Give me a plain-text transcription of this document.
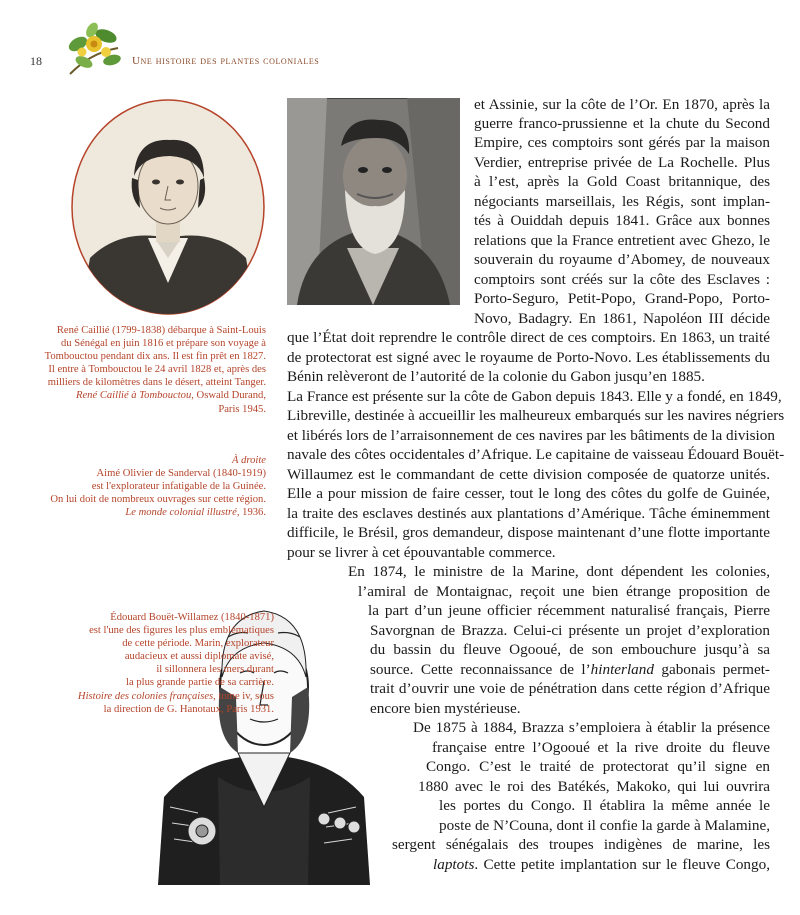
18	Une histoire des plantes coloniales

René Caillié (1799-1838) débarque à Saint-Louis

du Sénégal en juin 1816 et prépare son voyage à

Tombouctou pendant dix ans. Il est fin prêt en 1827.

Il entre à Tombouctou le 24 avril 1828 et, après des

milliers de kilomètres dans le désert, atteint Tanger.

René Caillié à Tombouctou, Oswald Durand,

Paris 1945.

À droite

Aimé Olivier de Sanderval (1840-1919)

est l'explorateur infatigable de la Guinée.

On lui doit de nombreux ouvrages sur cette région.

Le monde colonial illustré, 1936.

Édouard Bouët-Willamez (1840-1871)

est l'une des figures les plus emblématiques

de cette période. Marin, explorateur

audacieux et aussi diplomate avisé,

il sillonnera les mers durant

la plus grande partie de sa carrière.

Histoire des colonies françaises, tome iv, sous

la direction de G. Hanotaux, Paris 1931.

et Assinie, sur la côte de l’Or. En 1870, après la
guerre franco-prussienne et la chute du Second
Empire, ces comptoirs sont gérés par la maison
Verdier, entreprise privée de La Rochelle. Plus
à l’est, après la Gold Coast britannique, des
négociants marseillais, les Régis, sont implan-
tés à Ouiddah depuis 1841. Grâce aux bonnes
relations que la France entretient avec Ghezo, le
souverain du royaume d’Abomey, de nouveaux
comptoirs sont créés sur la côte des Esclaves :
Porto-Seguro, Petit-Popo, Grand-Popo, Porto-
Novo, Badagry. En 1861, Napoléon III décide
que l’État doit reprendre le contrôle direct de ces comptoirs. En 1863, un traité
de protectorat est signé avec le royaume de Porto-Novo. Les établissements du
Bénin relèveront de l’autorité de la colonie du Gabon jusqu’en 1885.
La France est présente sur la côte de Gabon depuis 1843. Elle y a fondé, en 1849,
Libreville, destinée à accueillir les malheureux embarqués sur les navires négriers
et libérés lors de l’arraisonnement de ces navires par les bâtiments de la division
navale des côtes occidentales d’Afrique. Le capitaine de vaisseau Édouard Bouët-
Willaumez est le commandant de cette division composée de quatorze unités.
Elle a pour mission de faire cesser, tout le long des côtes du golfe de Guinée,
la traite des esclaves destinés aux plantations d’Amérique. Tâche éminemment
difficile, le Brésil, gros demandeur, dispose maintenant d’une flotte importante
pour se livrer à cet épouvantable commerce.
En 1874, le ministre de la Marine, dont dépendent les colonies,
l’amiral de Montaignac, reçoit une bien étrange proposition de
la part d’un jeune officier récemment naturalisé français, Pierre
Savorgnan de Brazza. Celui-ci présente un projet d’exploration
du bassin du fleuve Ogooué, de son embouchure jusqu’à sa
source. Cette reconnaissance de l’hinterland gabonais permet-
trait d’ouvrir une voie de pénétration dans cette région d’Afrique
encore bien mystérieuse.
De 1875 à 1884, Brazza s’emploiera à établir la présence
française entre l’Ogooué et la rive droite du fleuve
Congo. C’est le traité de protectorat qu’il signe en
1880 avec le roi des Batékés, Makoko, qui lui ouvrira
les portes du Congo. Il établira la même année le
poste de N’Couna, dont il confie la garde à Malamine,
sergent sénégalais des troupes indigènes de marine, les
laptots. Cette petite implantation sur le fleuve Congo,
